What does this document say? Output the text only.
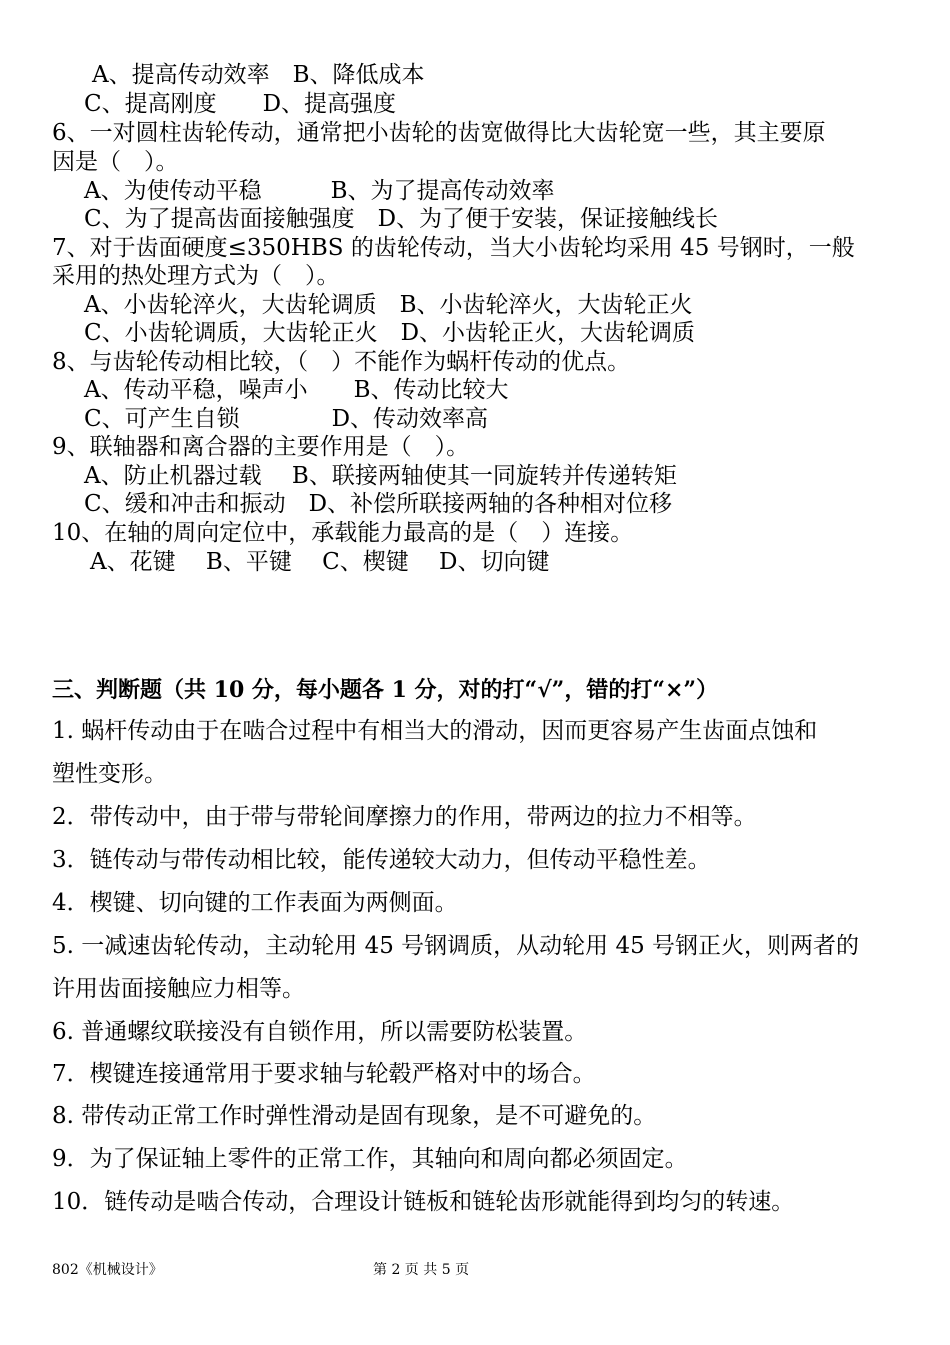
A、提高传动效率　B、降低成本
C、提高刚度　　D、提高强度
6、一对圆柱齿轮传动，通常把小齿轮的齿宽做得比大齿轮宽一些，其主要原
因是（　）。
A、为使传动平稳　　　B、为了提高传动效率
C、为了提高齿面接触强度　D、为了便于安装，保证接触线长
7、对于齿面硬度≤350HBS 的齿轮传动，当大小齿轮均采用 45 号钢时，一般
采用的热处理方式为（　）。
A、小齿轮淬火，大齿轮调质　B、小齿轮淬火，大齿轮正火
C、小齿轮调质，大齿轮正火　D、小齿轮正火，大齿轮调质
8、与齿轮传动相比较，（　）不能作为蜗杆传动的优点。
A、传动平稳，噪声小　　B、传动比较大
C、可产生自锁　　　　D、传动效率高
9、联轴器和离合器的主要作用是（　）。
A、防止机器过载　 B、联接两轴使其一同旋转并传递转矩
C、缓和冲击和振动　D、补偿所联接两轴的各种相对位移
10、在轴的周向定位中，承载能力最高的是（　）连接。
A、花键　 B、平键　 C、楔键　 D、切向键
三、判断题（共 10 分，每小题各 1 分，对的打“√”，错的打“×”）
1. 蜗杆传动由于在啮合过程中有相当大的滑动，因而更容易产生齿面点蚀和
塑性变形。
2．带传动中，由于带与带轮间摩擦力的作用，带两边的拉力不相等。
3．链传动与带传动相比较，能传递较大动力，但传动平稳性差。
4．楔键、切向键的工作表面为两侧面。
5. 一减速齿轮传动，主动轮用 45 号钢调质，从动轮用 45 号钢正火，则两者的
许用齿面接触应力相等。
6. 普通螺纹联接没有自锁作用，所以需要防松装置。
7．楔键连接通常用于要求轴与轮毂严格对中的场合。
8. 带传动正常工作时弹性滑动是固有现象，是不可避免的。
9．为了保证轴上零件的正常工作，其轴向和周向都必须固定。
10．链传动是啮合传动，合理设计链板和链轮齿形就能得到均匀的转速。
802《机械设计》	第 2 页 共 5 页
